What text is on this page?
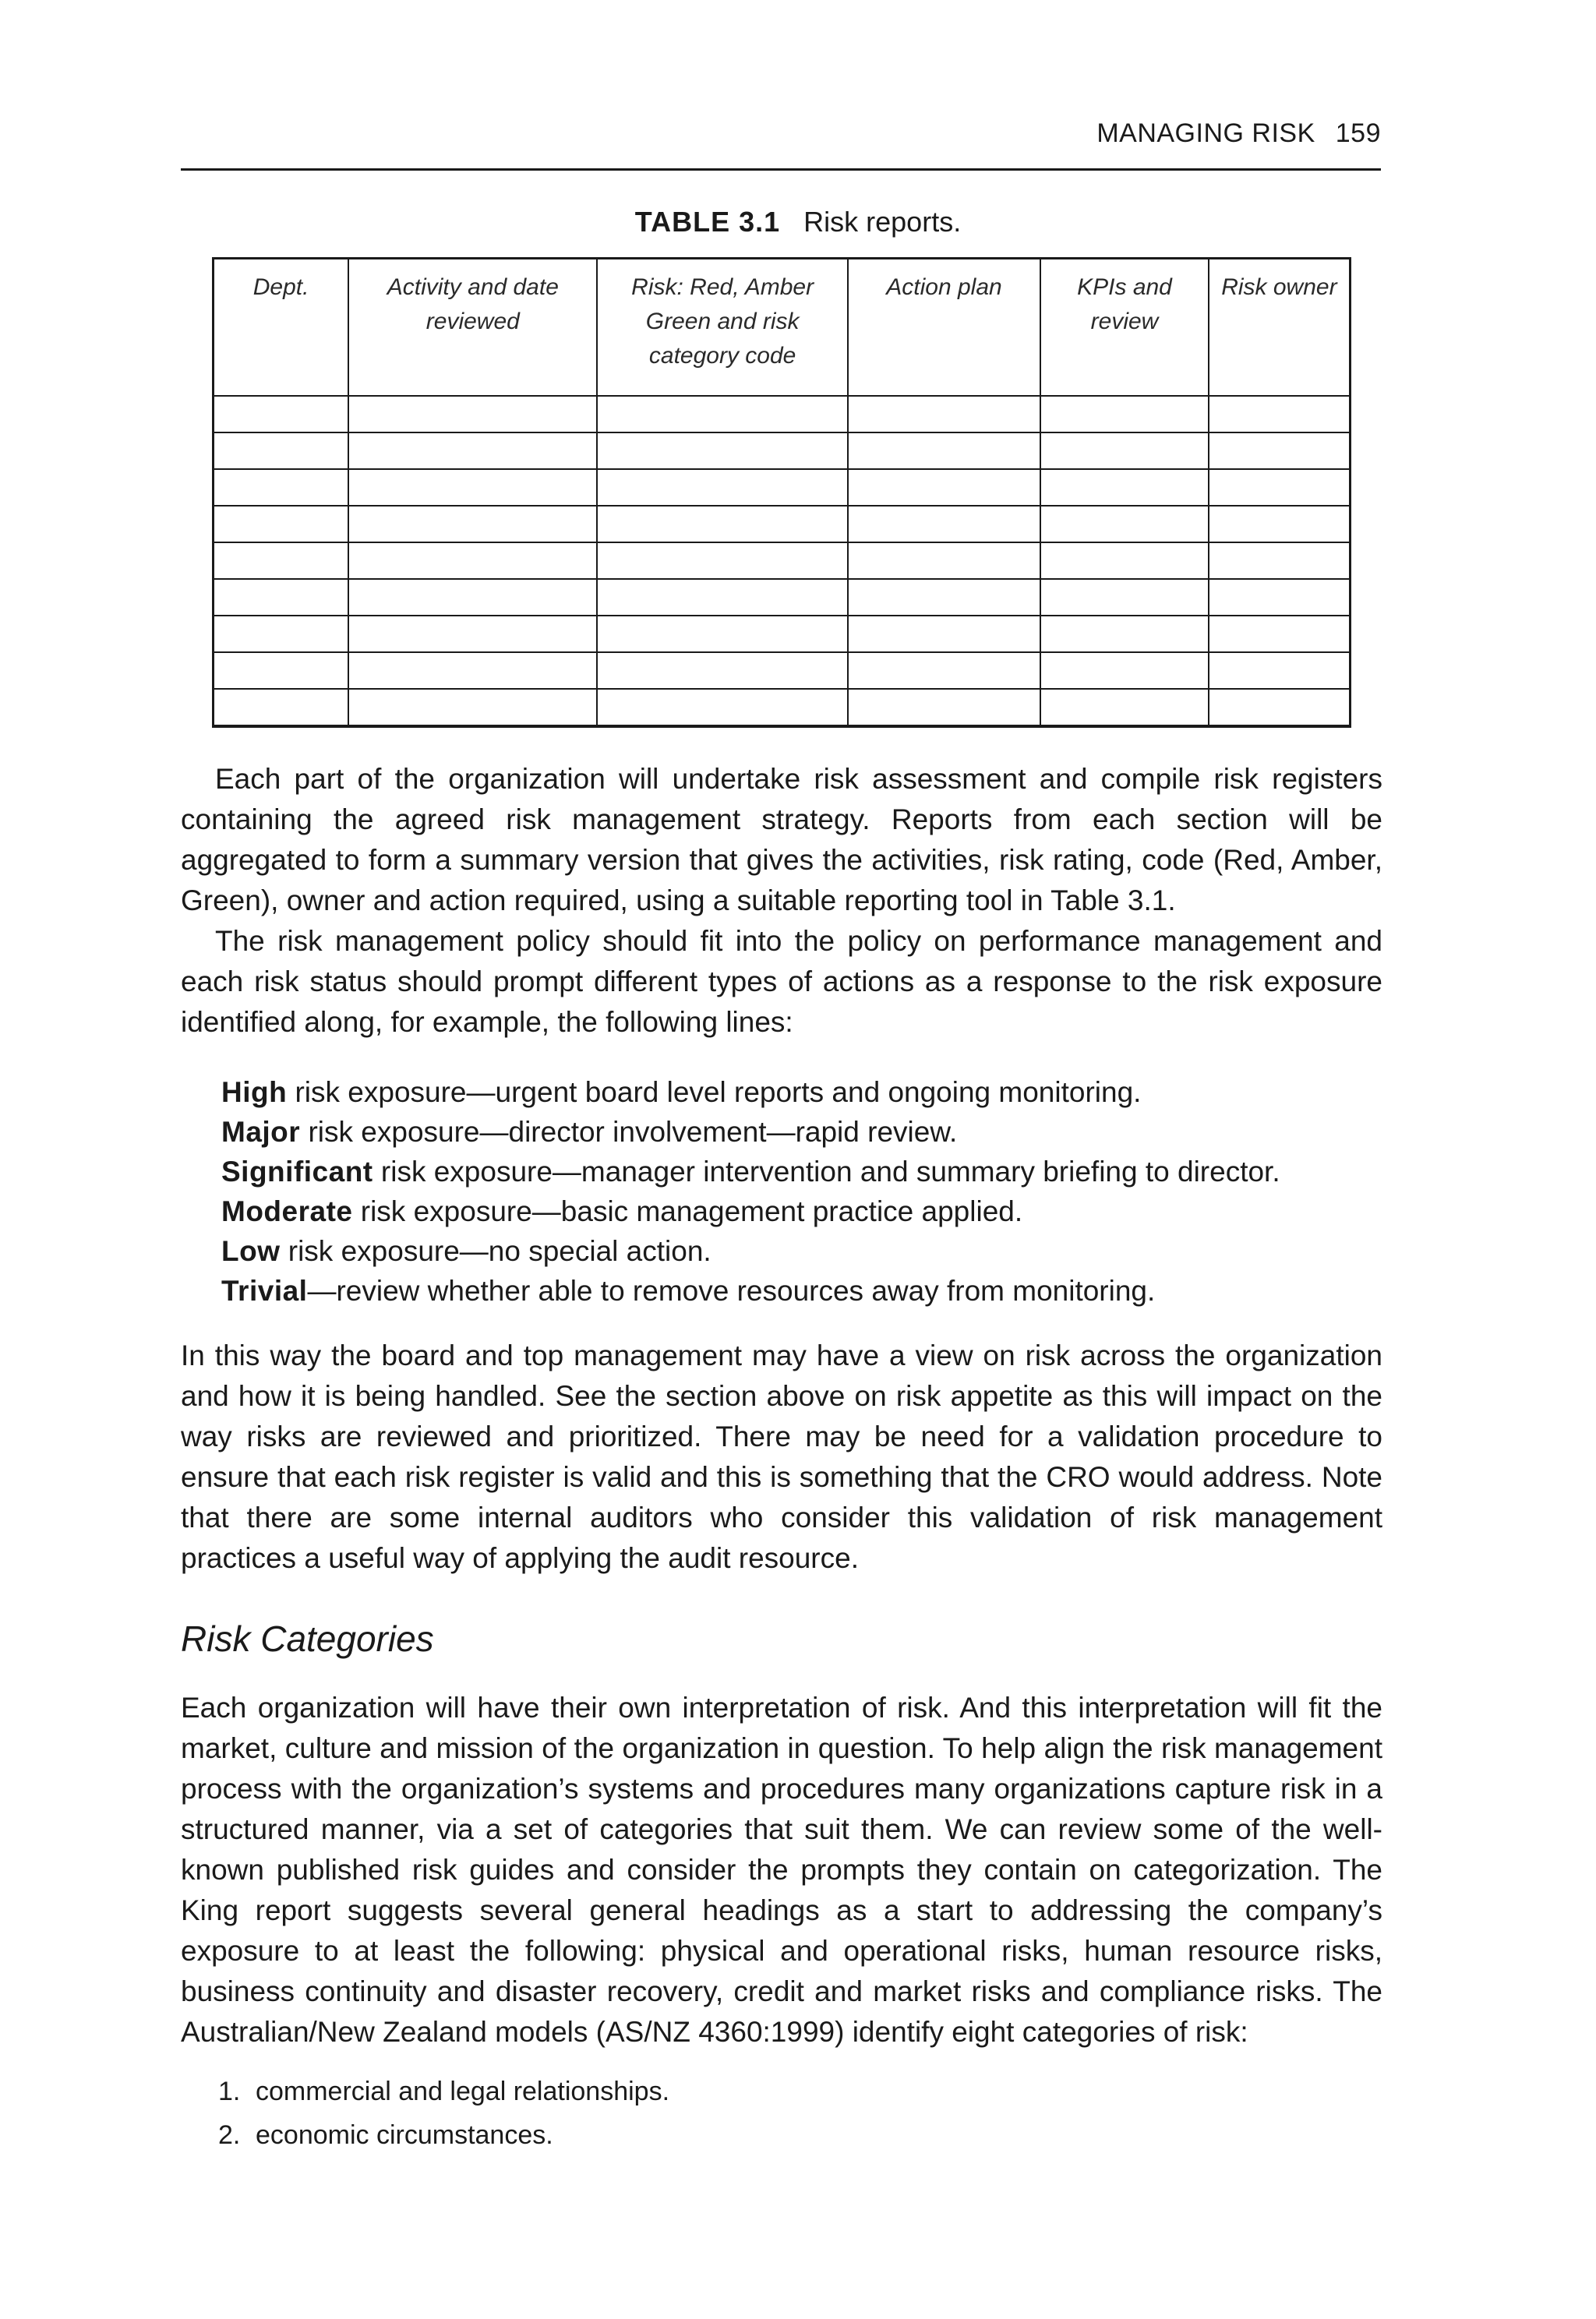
MANAGING RISK 159
TABLE 3.1 Risk reports.
Dept.	Activity and date reviewed	Risk: Red, Amber Green and risk category code	Action plan	KPIs and review	Risk owner

Each part of the organization will undertake risk assessment and compile risk registers containing the agreed risk management strategy. Reports from each section will be aggregated to form a summary version that gives the activities, risk rating, code (Red, Amber, Green), owner and action required, using a suitable reporting tool in Table 3.1.

The risk management policy should fit into the policy on performance management and each risk status should prompt different types of actions as a response to the risk exposure identified along, for example, the following lines:

High risk exposure—urgent board level reports and ongoing monitoring.
Major risk exposure—director involvement—rapid review.
Significant risk exposure—manager intervention and summary briefing to director.
Moderate risk exposure—basic management practice applied.
Low risk exposure—no special action.
Trivial—review whether able to remove resources away from monitoring.

In this way the board and top management may have a view on risk across the organization and how it is being handled. See the section above on risk appetite as this will impact on the way risks are reviewed and prioritized. There may be need for a validation procedure to ensure that each risk register is valid and this is something that the CRO would address. Note that there are some internal auditors who consider this validation of risk management practices a useful way of applying the audit resource.

Risk Categories

Each organization will have their own interpretation of risk. And this interpretation will fit the market, culture and mission of the organization in question. To help align the risk management process with the organization’s systems and procedures many organizations capture risk in a structured manner, via a set of categories that suit them. We can review some of the well-known published risk guides and consider the prompts they contain on categorization. The King report suggests several general headings as a start to addressing the company’s exposure to at least the following: physical and operational risks, human resource risks, business continuity and disaster recovery, credit and market risks and compliance risks. The Australian/New Zealand models (AS/NZ 4360:1999) identify eight categories of risk:

1. commercial and legal relationships.
2. economic circumstances.
